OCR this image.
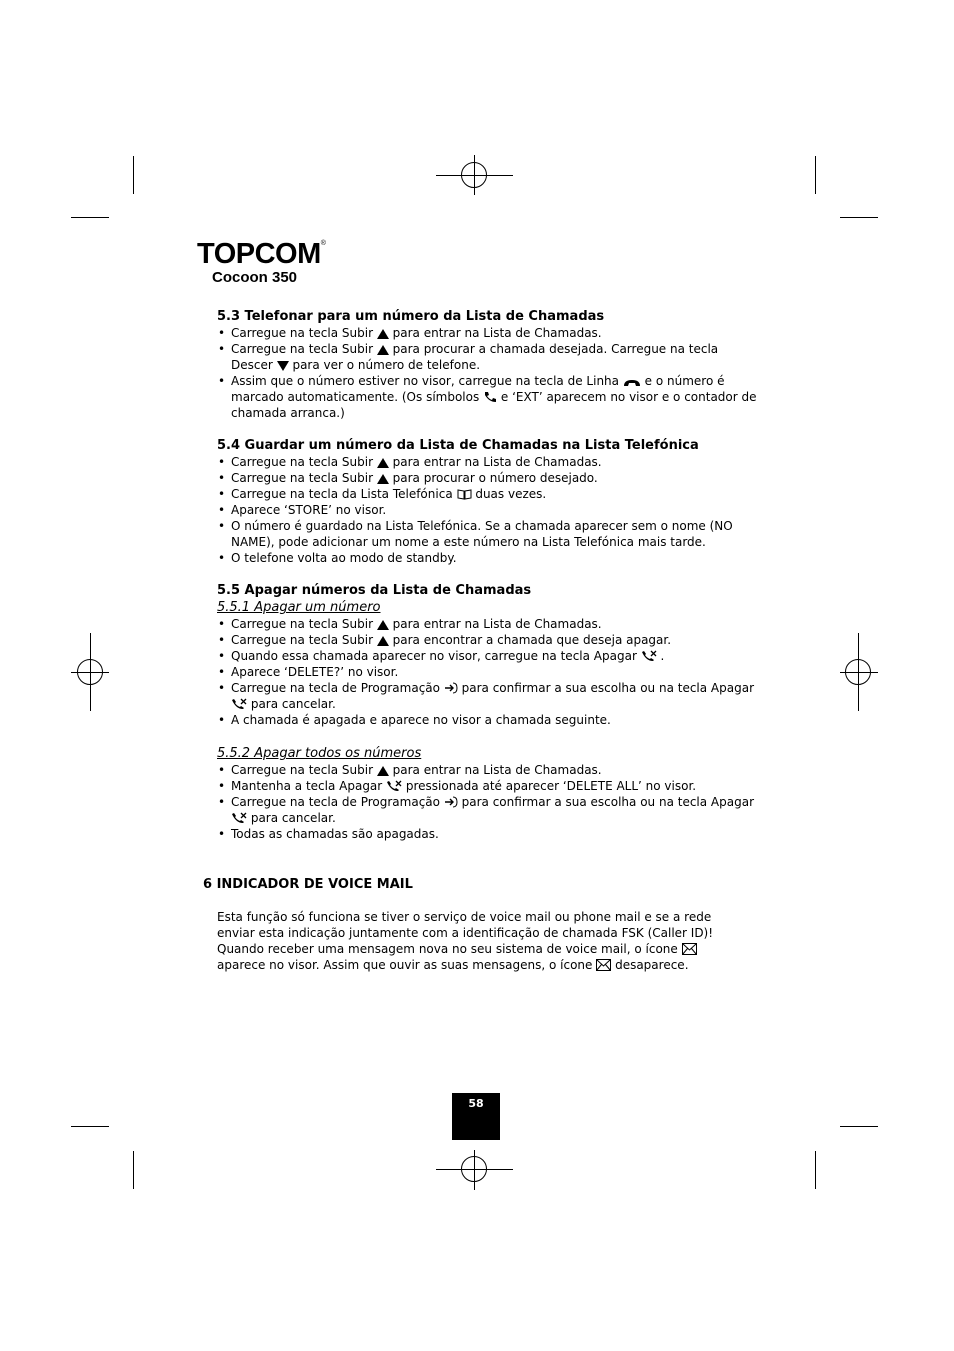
TOPCOM®
Cocoon 350
5.3 Telefonar para um número da Lista de Chamadas
• Carregue na tecla Subir para entrar na Lista de Chamadas.
• Carregue na tecla Subir para procurar a chamada desejada. Carregue na tecla Descer para ver o número de telefone.
• Assim que o número estiver no visor, carregue na tecla de Linha e o número é marcado automaticamente. (Os símbolos e ‘EXT’ aparecem no visor e o contador de chamada arranca.)
5.4 Guardar um número da Lista de Chamadas na Lista Telefónica
• Carregue na tecla Subir para entrar na Lista de Chamadas.
• Carregue na tecla Subir para procurar o número desejado.
• Carregue na tecla da Lista Telefónica duas vezes.
• Aparece ‘STORE’ no visor.
• O número é guardado na Lista Telefónica. Se a chamada aparecer sem o nome (NO NAME), pode adicionar um nome a este número na Lista Telefónica mais tarde.
• O telefone volta ao modo de standby.
5.5 Apagar números da Lista de Chamadas
5.5.1 Apagar um número
• Carregue na tecla Subir para entrar na Lista de Chamadas.
• Carregue na tecla Subir para encontrar a chamada que deseja apagar.
• Quando essa chamada aparecer no visor, carregue na tecla Apagar .
• Aparece ‘DELETE?’ no visor.
• Carregue na tecla de Programação para confirmar a sua escolha ou na tecla Apagar  para cancelar.
• A chamada é apagada e aparece no visor a chamada seguinte.
5.5.2 Apagar todos os números
• Carregue na tecla Subir para entrar na Lista de Chamadas.
• Mantenha a tecla Apagar pressionada até aparecer ‘DELETE ALL’ no visor.
• Carregue na tecla de Programação para confirmar a sua escolha ou na tecla Apagar  para cancelar.
• Todas as chamadas são apagadas.
6 INDICADOR DE VOICE MAIL
Esta função só funciona se tiver o serviço de voice mail ou phone mail e se a rede enviar esta indicação juntamente com a identificação de chamada FSK (Caller ID)!
Quando receber uma mensagem nova no seu sistema de voice mail, o ícone  aparece no visor. Assim que ouvir as suas mensagens, o ícone desaparece.
58
